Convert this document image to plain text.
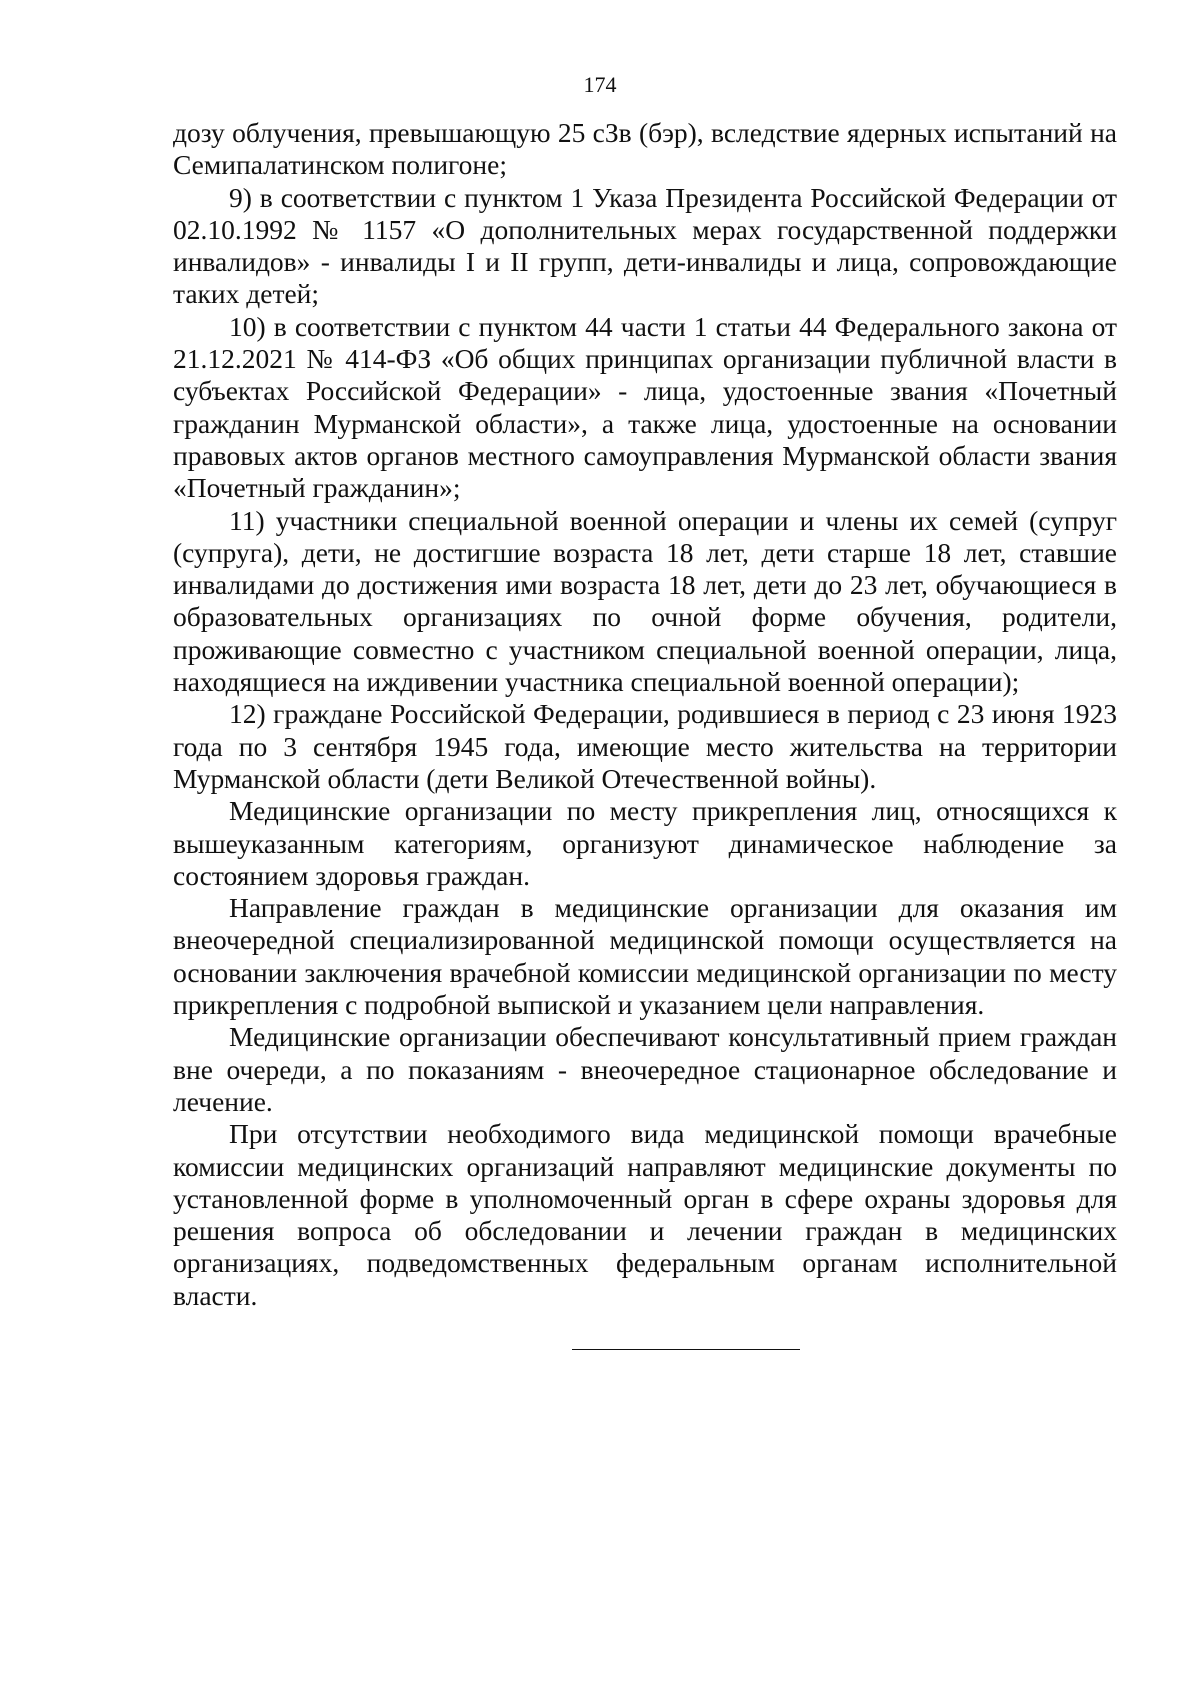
174

дозу облучения, превышающую 25 сЗв (бэр), вследствие ядерных испытаний на Семипалатинском полигоне;

9) в соответствии с пунктом 1 Указа Президента Российской Федерации от 02.10.1992 № 1157 «О дополнительных мерах государственной поддержки инвалидов» - инвалиды I и II групп, дети-инвалиды и лица, сопровождающие таких детей;

10) в соответствии с пунктом 44 части 1 статьи 44 Федерального закона от 21.12.2021 № 414-ФЗ «Об общих принципах организации публичной власти в субъектах Российской Федерации» - лица, удостоенные звания «Почетный гражданин Мурманской области», а также лица, удостоенные на основании правовых актов органов местного самоуправления Мурманской области звания «Почетный гражданин»;

11) участники специальной военной операции и члены их семей (супруг (супруга), дети, не достигшие возраста 18 лет, дети старше 18 лет, ставшие инвалидами до достижения ими возраста 18 лет, дети до 23 лет, обучающиеся в образовательных организациях по очной форме обучения, родители, проживающие совместно с участником специальной военной операции, лица, находящиеся на иждивении участника специальной военной операции);

12) граждане Российской Федерации, родившиеся в период с 23 июня 1923 года по 3 сентября 1945 года, имеющие место жительства на территории Мурманской области (дети Великой Отечественной войны).

Медицинские организации по месту прикрепления лиц, относящихся к вышеуказанным категориям, организуют динамическое наблюдение за состоянием здоровья граждан.

Направление граждан в медицинские организации для оказания им внеочередной специализированной медицинской помощи осуществляется на основании заключения врачебной комиссии медицинской организации по месту прикрепления с подробной выпиской и указанием цели направления.

Медицинские организации обеспечивают консультативный прием граждан вне очереди, а по показаниям - внеочередное стационарное обследование и лечение.

При отсутствии необходимого вида медицинской помощи врачебные комиссии медицинских организаций направляют медицинские документы по установленной форме в уполномоченный орган в сфере охраны здоровья для решения вопроса об обследовании и лечении граждан в медицинских организациях, подведомственных федеральным органам исполнительной власти.
